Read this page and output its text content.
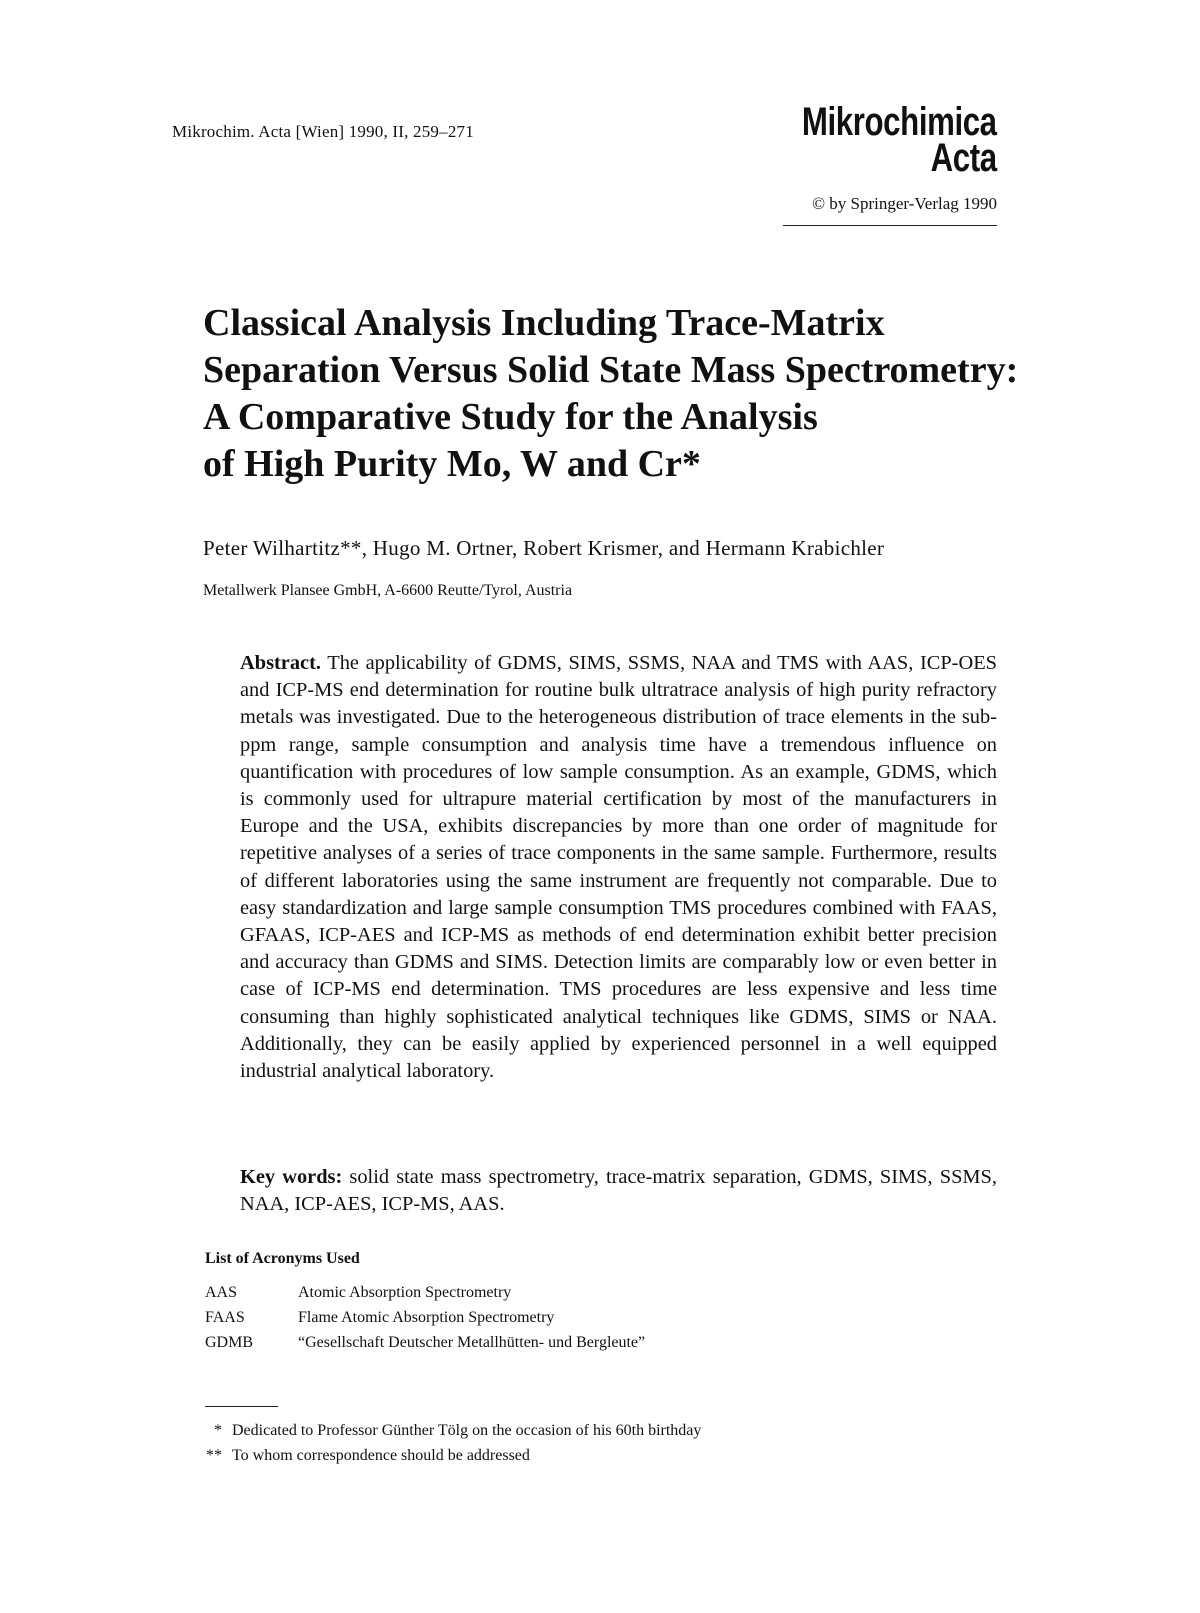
Mikrochim. Acta [Wien] 1990, II, 259–271	Mikrochimica
Acta
© by Springer-Verlag 1990
Classical Analysis Including Trace-Matrix
Separation Versus Solid State Mass Spectrometry:
A Comparative Study for the Analysis
of High Purity Mo, W and Cr*
Peter Wilhartitz**, Hugo M. Ortner, Robert Krismer, and Hermann Krabichler
Metallwerk Plansee GmbH, A-6600 Reutte/Tyrol, Austria
Abstract. The applicability of GDMS, SIMS, SSMS, NAA and TMS with AAS, ICP-OES and ICP-MS end determination for routine bulk ultratrace analysis of high purity refractory metals was investigated. Due to the heterogeneous distribution of trace elements in the sub-ppm range, sample consumption and analysis time have a tremendous influence on quantification with procedures of low sample consumption. As an example, GDMS, which is commonly used for ultrapure material certification by most of the manufacturers in Europe and the USA, exhibits discrepancies by more than one order of magnitude for repetitive analyses of a series of trace components in the same sample. Furthermore, results of different laboratories using the same instrument are frequently not comparable. Due to easy standardization and large sample consumption TMS procedures combined with FAAS, GFAAS, ICP-AES and ICP-MS as methods of end determination exhibit better precision and accuracy than GDMS and SIMS. Detection limits are comparably low or even better in case of ICP-MS end determination. TMS procedures are less expensive and less time consuming than highly sophisticated analytical techniques like GDMS, SIMS or NAA. Additionally, they can be easily applied by experienced personnel in a well equipped industrial analytical laboratory.
Key words: solid state mass spectrometry, trace-matrix separation, GDMS, SIMS, SSMS, NAA, ICP-AES, ICP-MS, AAS.
List of Acronyms Used
AAS	Atomic Absorption Spectrometry
FAAS	Flame Atomic Absorption Spectrometry
GDMB	“Gesellschaft Deutscher Metallhütten- und Bergleute”
* Dedicated to Professor Günther Tölg on the occasion of his 60th birthday
** To whom correspondence should be addressed
